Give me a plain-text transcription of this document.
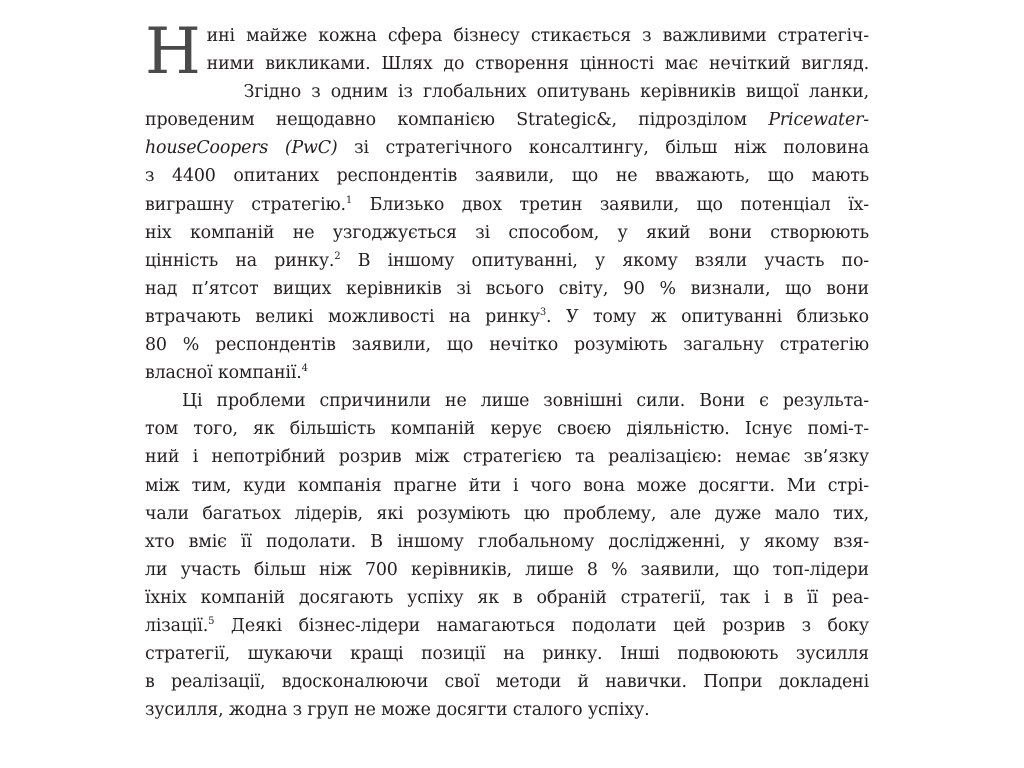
Н ині майже кожна сфера бізнесу стикається з важливими стратегіч-
ними викликами. Шлях до створення цінності має нечіткий вигляд.

Згідно з одним із глобальних опитувань керівників вищої ланки,
проведеним нещодавно компанією Strategic&, підрозділом Pricewater-
houseCoopers (PwC) зі стратегічного консалтингу, більш ніж половина
з 4400 опитаних респондентів заявили, що не вважають, що мають
виграшну стратегію.$^1$ Близько двох третин заявили, що потенціал їх-
ніх компаній не узгоджується зі способом, у який вони створюють
цінність на ринку.$^2$ В іншому опитуванні, у якому взяли участь по-
над п’ятсот вищих керівників зі всього світу, 90 % визнали, що вони
втрачають великі можливості на ринку$^3$. У тому ж опитуванні близько
80 % респондентів заявили, що нечітко розуміють загальну стратегію
власної компанії.$^4$

Ці проблеми спричинили не лише зовнішні сили. Вони є результа-
том того, як більшість компаній керує своєю діяльністю. Існує помі-т-
ний і непотрібний розрив між стратегією та реалізацією: немає зв’язку
між тим, куди компанія прагне йти і чого вона може досягти. Ми стрі-
чали багатьох лідерів, які розуміють цю проблему, але дуже мало тих,
хто вміє її подолати. В іншому глобальному дослідженні, у якому взя-
ли участь більш ніж 700 керівників, лише 8 % заявили, що топ-лідери
їхніх компаній досягають успіху як в обраній стратегії, так і в її реа-
лізації.$^5$ Деякі бізнес-лідери намагаються подолати цей розрив з боку
стратегії, шукаючи кращі позиції на ринку. Інші подвоюють зусилля
в реалізації, вдосконалюючи свої методи й навички. Попри докладені
зусилля, жодна з груп не може досягти сталого успіху.
